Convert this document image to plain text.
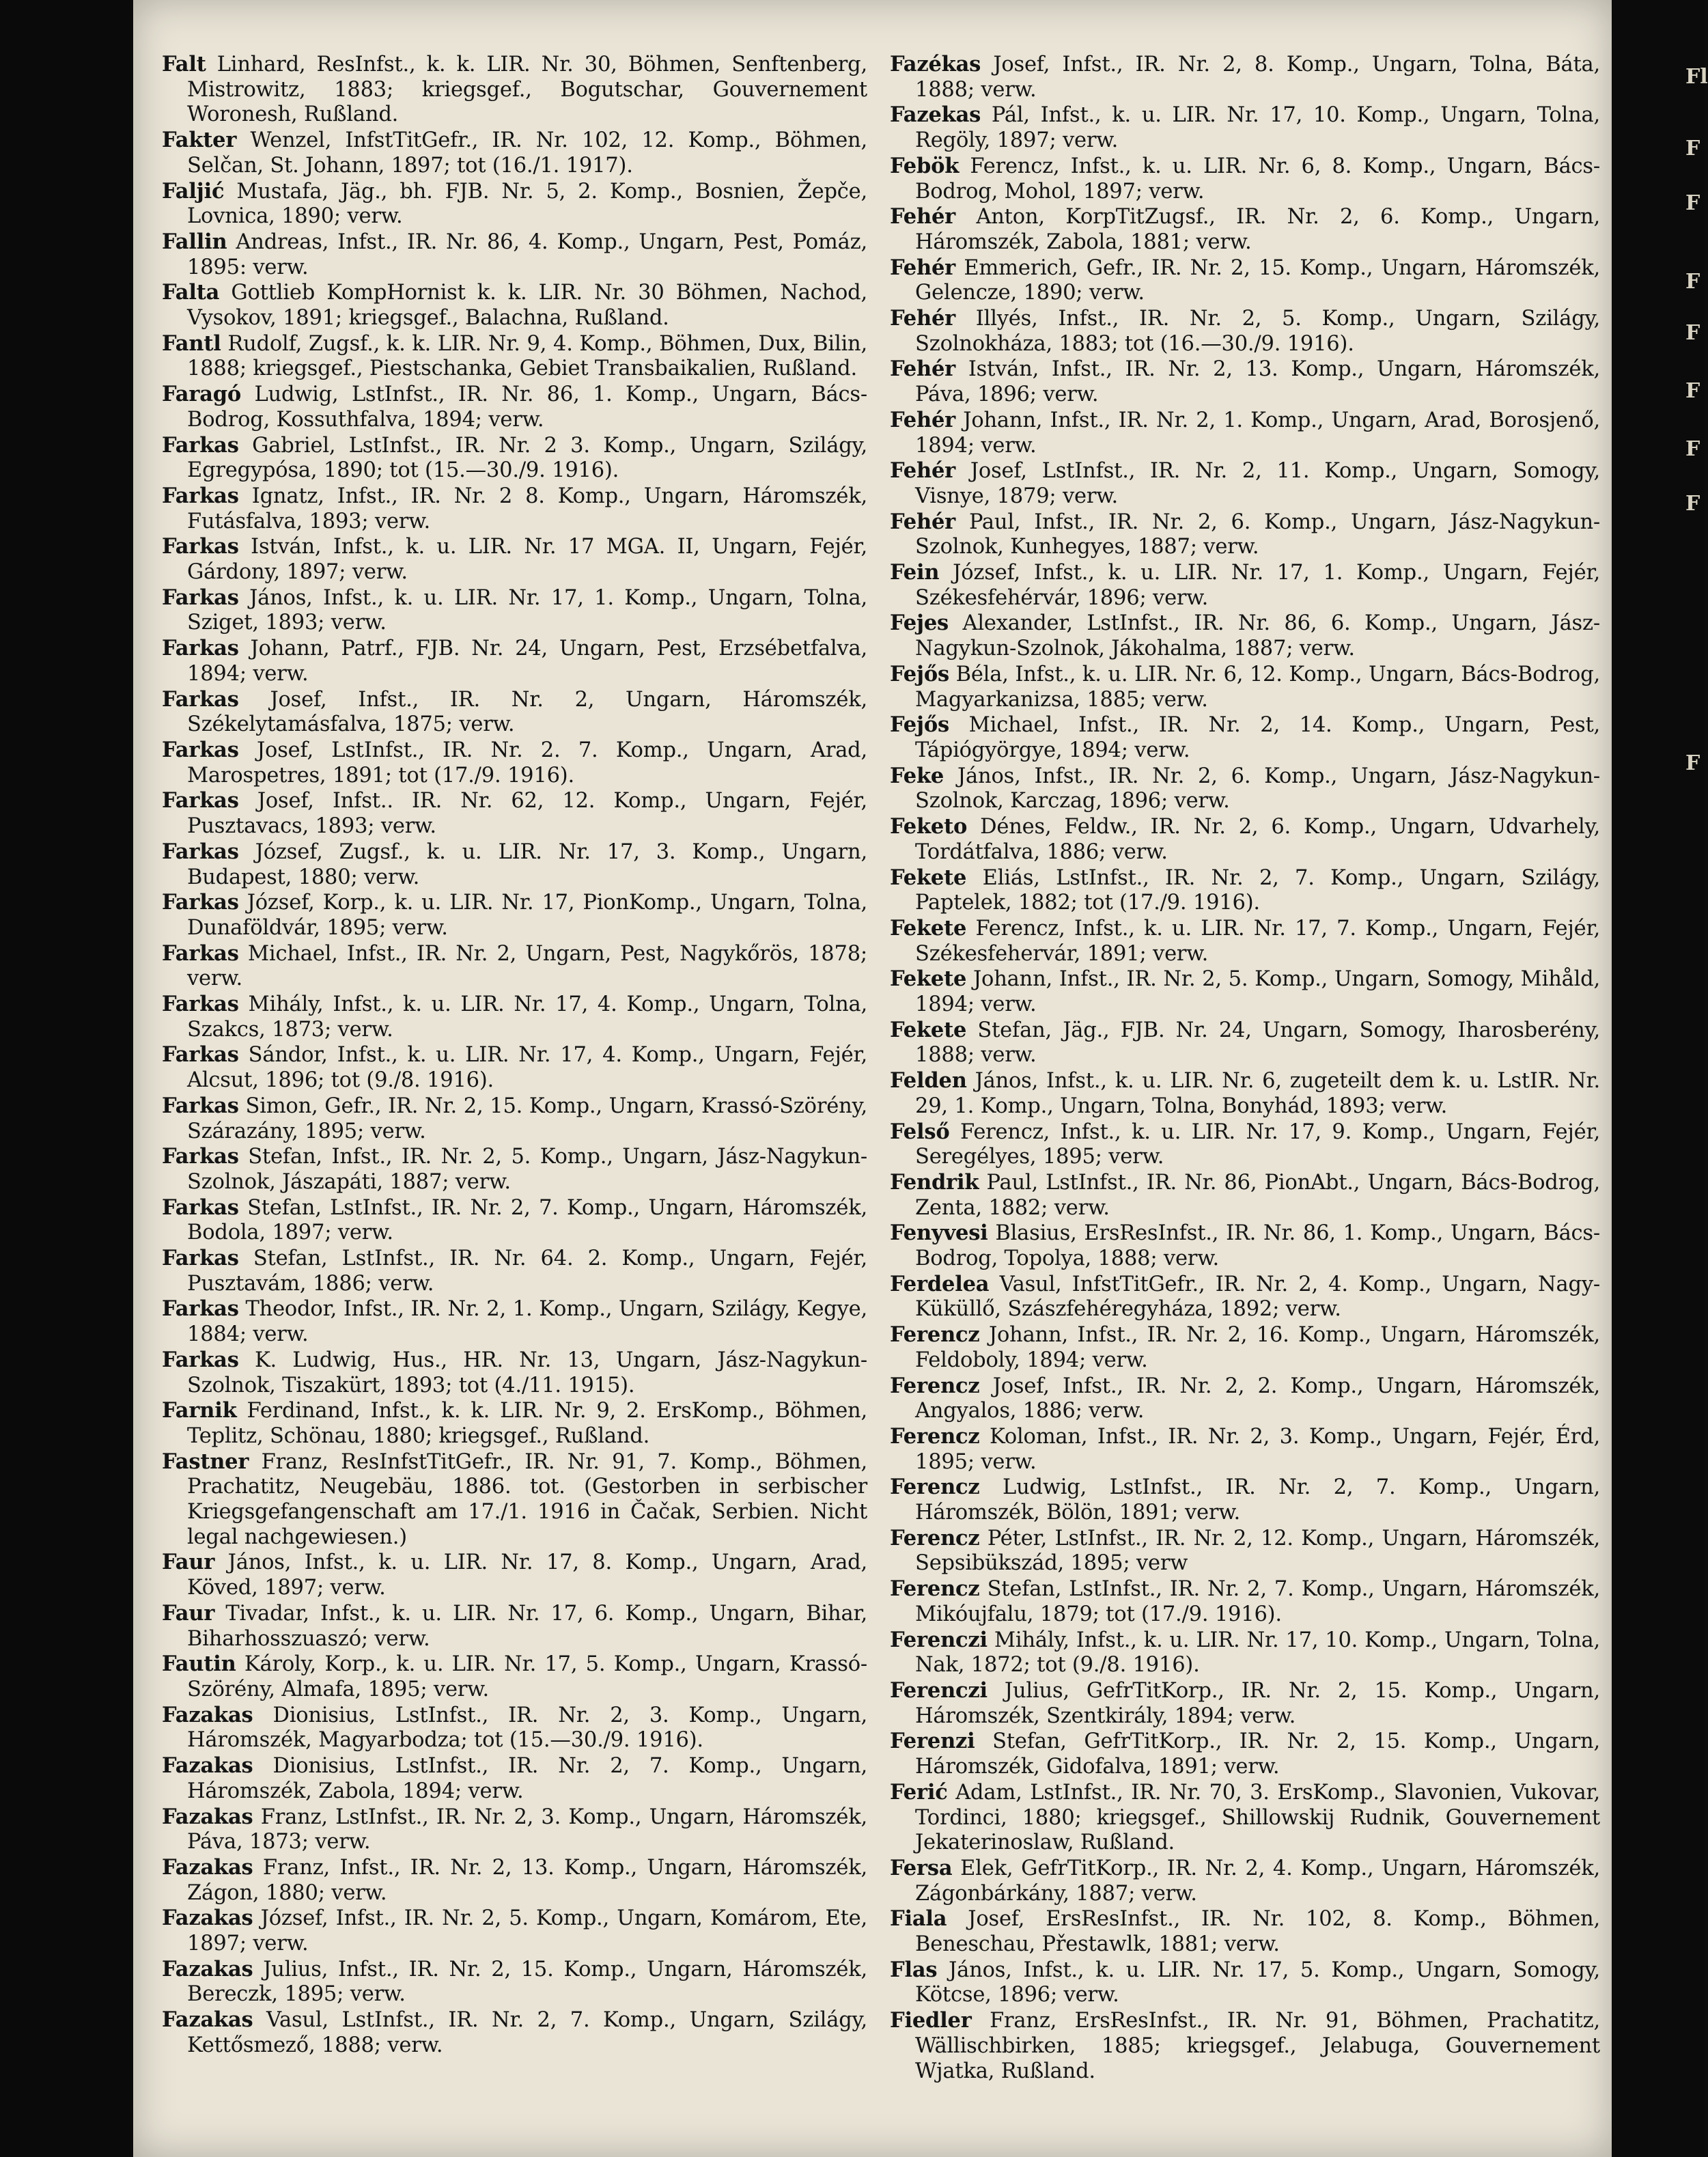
Falt Linhard, ResInfst., k. k. LIR. Nr. 30, Böhmen, Senftenberg, Mistrowitz, 1883; kriegsgef., Bogutschar, Gouvernement Woronesh, Rußland.
Fakter Wenzel, InfstTitGefr., IR. Nr. 102, 12. Komp., Böhmen, Selčan, St. Johann, 1897; tot (16./1. 1917).
Faljić Mustafa, Jäg., bh. FJB. Nr. 5, 2. Komp., Bosnien, Žepče, Lovnica, 1890; verw.
Fallin Andreas, Infst., IR. Nr. 86, 4. Komp., Ungarn, Pest, Pomáz, 1895: verw.
Falta Gottlieb KompHornist k. k. LIR. Nr. 30 Böhmen, Nachod, Vysokov, 1891; kriegsgef., Balachna, Rußland.
Fantl Rudolf, Zugsf., k. k. LIR. Nr. 9, 4. Komp., Böhmen, Dux, Bilin, 1888; kriegsgef., Piestschanka, Gebiet Transbaikalien, Rußland.
Faragó Ludwig, LstInfst., IR. Nr. 86, 1. Komp., Ungarn, Bács-Bodrog, Kossuthfalva, 1894; verw.
Farkas Gabriel, LstInfst., IR. Nr. 2 3. Komp., Ungarn, Szilágy, Egregypósa, 1890; tot (15.—30./9. 1916).
Farkas Ignatz, Infst., IR. Nr. 2 8. Komp., Ungarn, Háromszék, Futásfalva, 1893; verw.
Farkas István, Infst., k. u. LIR. Nr. 17 MGA. II, Ungarn, Fejér, Gárdony, 1897; verw.
Farkas János, Infst., k. u. LIR. Nr. 17, 1. Komp., Ungarn, Tolna, Sziget, 1893; verw.
Farkas Johann, Patrf., FJB. Nr. 24, Ungarn, Pest, Erzsébetfalva, 1894; verw.
Farkas Josef, Infst., IR. Nr. 2, Ungarn, Háromszék, Székelytamásfalva, 1875; verw.
Farkas Josef, LstInfst., IR. Nr. 2. 7. Komp., Ungarn, Arad, Marospetres, 1891; tot (17./9. 1916).
Farkas Josef, Infst.. IR. Nr. 62, 12. Komp., Ungarn, Fejér, Pusztavacs, 1893; verw.
Farkas József, Zugsf., k. u. LIR. Nr. 17, 3. Komp., Ungarn, Budapest, 1880; verw.
Farkas József, Korp., k. u. LIR. Nr. 17, PionKomp., Ungarn, Tolna, Dunaföldvár, 1895; verw.
Farkas Michael, Infst., IR. Nr. 2, Ungarn, Pest, Nagykőrös, 1878; verw.
Farkas Mihály, Infst., k. u. LIR. Nr. 17, 4. Komp., Ungarn, Tolna, Szakcs, 1873; verw.
Farkas Sándor, Infst., k. u. LIR. Nr. 17, 4. Komp., Ungarn, Fejér, Alcsut, 1896; tot (9./8. 1916).
Farkas Simon, Gefr., IR. Nr. 2, 15. Komp., Ungarn, Krassó-Szörény, Szárazány, 1895; verw.
Farkas Stefan, Infst., IR. Nr. 2, 5. Komp., Ungarn, Jász-Nagykun-Szolnok, Jászapáti, 1887; verw.
Farkas Stefan, LstInfst., IR. Nr. 2, 7. Komp., Ungarn, Háromszék, Bodola, 1897; verw.
Farkas Stefan, LstInfst., IR. Nr. 64. 2. Komp., Ungarn, Fejér, Pusztavám, 1886; verw.
Farkas Theodor, Infst., IR. Nr. 2, 1. Komp., Ungarn, Szilágy, Kegye, 1884; verw.
Farkas K. Ludwig, Hus., HR. Nr. 13, Ungarn, Jász-Nagykun-Szolnok, Tiszakürt, 1893; tot (4./11. 1915).
Farnik Ferdinand, Infst., k. k. LIR. Nr. 9, 2. ErsKomp., Böhmen, Teplitz, Schönau, 1880; kriegsgef., Rußland.
Fastner Franz, ResInfstTitGefr., IR. Nr. 91, 7. Komp., Böhmen, Prachatitz, Neugebäu, 1886. tot. (Gestorben in serbischer Kriegsgefangenschaft am 17./1. 1916 in Čačak, Serbien. Nicht legal nachgewiesen.)
Faur János, Infst., k. u. LIR. Nr. 17, 8. Komp., Ungarn, Arad, Köved, 1897; verw.
Faur Tivadar, Infst., k. u. LIR. Nr. 17, 6. Komp., Ungarn, Bihar, Biharhosszuaszó; verw.
Fautin Károly, Korp., k. u. LIR. Nr. 17, 5. Komp., Ungarn, Krassó-Szörény, Almafa, 1895; verw.
Fazakas Dionisius, LstInfst., IR. Nr. 2, 3. Komp., Ungarn, Háromszék, Magyarbodza; tot (15.—30./9. 1916).
Fazakas Dionisius, LstInfst., IR. Nr. 2, 7. Komp., Ungarn, Háromszék, Zabola, 1894; verw.
Fazakas Franz, LstInfst., IR. Nr. 2, 3. Komp., Ungarn, Háromszék, Páva, 1873; verw.
Fazakas Franz, Infst., IR. Nr. 2, 13. Komp., Ungarn, Háromszék, Zágon, 1880; verw.
Fazakas József, Infst., IR. Nr. 2, 5. Komp., Ungarn, Komárom, Ete, 1897; verw.
Fazakas Julius, Infst., IR. Nr. 2, 15. Komp., Ungarn, Háromszék, Bereczk, 1895; verw.
Fazakas Vasul, LstInfst., IR. Nr. 2, 7. Komp., Ungarn, Szilágy, Kettősmező, 1888; verw.
Fazékas Josef, Infst., IR. Nr. 2, 8. Komp., Ungarn, Tolna, Báta, 1888; verw.
Fazekas Pál, Infst., k. u. LIR. Nr. 17, 10. Komp., Ungarn, Tolna, Regöly, 1897; verw.
Febök Ferencz, Infst., k. u. LIR. Nr. 6, 8. Komp., Ungarn, Bács-Bodrog, Mohol, 1897; verw.
Fehér Anton, KorpTitZugsf., IR. Nr. 2, 6. Komp., Ungarn, Háromszék, Zabola, 1881; verw.
Fehér Emmerich, Gefr., IR. Nr. 2, 15. Komp., Ungarn, Háromszék, Gelencze, 1890; verw.
Fehér Illyés, Infst., IR. Nr. 2, 5. Komp., Ungarn, Szilágy, Szolnokháza, 1883; tot (16.—30./9. 1916).
Fehér István, Infst., IR. Nr. 2, 13. Komp., Ungarn, Háromszék, Páva, 1896; verw.
Fehér Johann, Infst., IR. Nr. 2, 1. Komp., Ungarn, Arad, Borosjenő, 1894; verw.
Fehér Josef, LstInfst., IR. Nr. 2, 11. Komp., Ungarn, Somogy, Visnye, 1879; verw.
Fehér Paul, Infst., IR. Nr. 2, 6. Komp., Ungarn, Jász-Nagykun-Szolnok, Kunhegyes, 1887; verw.
Fein József, Infst., k. u. LIR. Nr. 17, 1. Komp., Ungarn, Fejér, Székesfehérvár, 1896; verw.
Fejes Alexander, LstInfst., IR. Nr. 86, 6. Komp., Ungarn, Jász-Nagykun-Szolnok, Jákohalma, 1887; verw.
Fejős Béla, Infst., k. u. LIR. Nr. 6, 12. Komp., Ungarn, Bács-Bodrog, Magyarkanizsa, 1885; verw.
Fejős Michael, Infst., IR. Nr. 2, 14. Komp., Ungarn, Pest, Tápiógyörgye, 1894; verw.
Feke János, Infst., IR. Nr. 2, 6. Komp., Ungarn, Jász-Nagykun-Szolnok, Karczag, 1896; verw.
Feketo Dénes, Feldw., IR. Nr. 2, 6. Komp., Ungarn, Udvarhely, Tordátfalva, 1886; verw.
Fekete Eliás, LstInfst., IR. Nr. 2, 7. Komp., Ungarn, Szilágy, Paptelek, 1882; tot (17./9. 1916).
Fekete Ferencz, Infst., k. u. LIR. Nr. 17, 7. Komp., Ungarn, Fejér, Székesfehervár, 1891; verw.
Fekete Johann, Infst., IR. Nr. 2, 5. Komp., Ungarn, Somogy, Mihåld, 1894; verw.
Fekete Stefan, Jäg., FJB. Nr. 24, Ungarn, Somogy, Iharosberény, 1888; verw.
Felden János, Infst., k. u. LIR. Nr. 6, zugeteilt dem k. u. LstIR. Nr. 29, 1. Komp., Ungarn, Tolna, Bonyhád, 1893; verw.
Felső Ferencz, Infst., k. u. LIR. Nr. 17, 9. Komp., Ungarn, Fejér, Seregélyes, 1895; verw.
Fendrik Paul, LstInfst., IR. Nr. 86, PionAbt., Ungarn, Bács-Bodrog, Zenta, 1882; verw.
Fenyvesi Blasius, ErsResInfst., IR. Nr. 86, 1. Komp., Ungarn, Bács-Bodrog, Topolya, 1888; verw.
Ferdelea Vasul, InfstTitGefr., IR. Nr. 2, 4. Komp., Ungarn, Nagy-Küküllő, Szászfehéregyháza, 1892; verw.
Ferencz Johann, Infst., IR. Nr. 2, 16. Komp., Ungarn, Háromszék, Feldoboly, 1894; verw.
Ferencz Josef, Infst., IR. Nr. 2, 2. Komp., Ungarn, Háromszék, Angyalos, 1886; verw.
Ferencz Koloman, Infst., IR. Nr. 2, 3. Komp., Ungarn, Fejér, Érd, 1895; verw.
Ferencz Ludwig, LstInfst., IR. Nr. 2, 7. Komp., Ungarn, Háromszék, Bölön, 1891; verw.
Ferencz Péter, LstInfst., IR. Nr. 2, 12. Komp., Ungarn, Háromszék, Sepsibükszád, 1895; verw
Ferencz Stefan, LstInfst., IR. Nr. 2, 7. Komp., Ungarn, Háromszék, Mikóujfalu, 1879; tot (17./9. 1916).
Ferenczi Mihály, Infst., k. u. LIR. Nr. 17, 10. Komp., Ungarn, Tolna, Nak, 1872; tot (9./8. 1916).
Ferenczi Julius, GefrTitKorp., IR. Nr. 2, 15. Komp., Ungarn, Háromszék, Szentkirály, 1894; verw.
Ferenzi Stefan, GefrTitKorp., IR. Nr. 2, 15. Komp., Ungarn, Háromszék, Gidofalva, 1891; verw.
Ferić Adam, LstInfst., IR. Nr. 70, 3. ErsKomp., Slavonien, Vukovar, Tordinci, 1880; kriegsgef., Shillowskij Rudnik, Gouvernement Jekaterinoslaw, Rußland.
Fersa Elek, GefrTitKorp., IR. Nr. 2, 4. Komp., Ungarn, Háromszék, Zágonbárkány, 1887; verw.
Fiala Josef, ErsResInfst., IR. Nr. 102, 8. Komp., Böhmen, Beneschau, Přestawlk, 1881; verw.
Flas János, Infst., k. u. LIR. Nr. 17, 5. Komp., Ungarn, Somogy, Kötcse, 1896; verw.
Fiedler Franz, ErsResInfst., IR. Nr. 91, Böhmen, Prachatitz, Wällischbirken, 1885; kriegsgef., Jelabuga, Gouvernement Wjatka, Rußland.
Fl
F
F
F
F
F
F
F
F
